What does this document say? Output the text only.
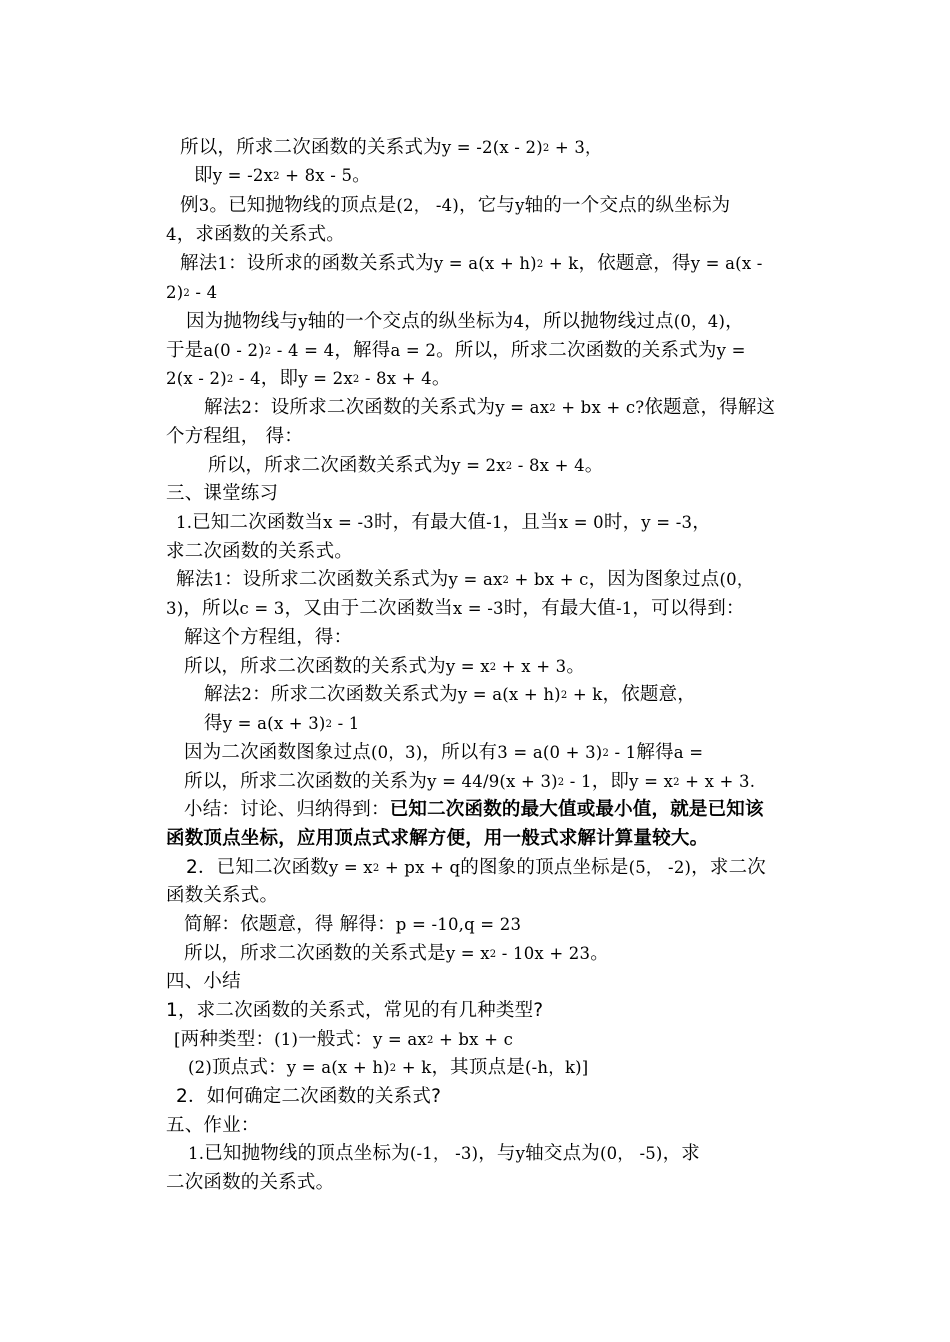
所以，所求二次函数的关系式为y = -2(x - 2)$^2$ + 3，
即$y = -2x^2 + 8x - 5$。
例3。已知抛物线的顶点是(2， -4)，它与y轴的一个交点的纵坐标为
4，求函数的关系式。
解法1：设所求的函数关系式为$y = a(x + h)^2 + k$，依题意，得y = a(x -
2)$^2$ - 4
因为抛物线与y轴的一个交点的纵坐标为4，所以抛物线过点(0，4)，
于是a(0 - 2)$^2$ - 4 = 4，解得a = 2。所以，所求二次函数的关系式为y =
2(x - 2)$^2$ - 4，即$y = 2x^2 - 8x + 4$。
解法2：设所求二次函数的关系式为$y = ax^2$ + bx + c?依题意，得解这
个方程组， 得：
所以，所求二次函数关系式为$y = 2x^2 - 8x + 4$。
三、课堂练习
1.已知二次函数当x = -3时，有最大值-1，且当x = 0时，y = -3，
求二次函数的关系式。
解法1：设所求二次函数关系式为$y = ax^2$ + bx + c，因为图象过点(0，
3)，所以c = 3，又由于二次函数当x = -3时，有最大值-1，可以得到：
解这个方程组，得：
所以，所求二次函数的关系式为$y = x^2 + x + 3$。
解法2：所求二次函数关系式为$y = a(x + h)^2 + k$，依题意，
得$y = a(x + 3)^2 - 1$
因为二次函数图象过点(0，3)，所以有$3 = a(0 + 3)^2 - 1$解得a =
所以，所求二次函数的关系为$y = 44/9(x + 3)^2 - 1$，即$y = x^2 + x + 3$.
小结：讨论、归纳得到：已知二次函数的最大值或最小值，就是已知该
函数顶点坐标，应用顶点式求解方便，用一般式求解计算量较大。
2．已知二次函数$y = x^2$ + px + q的图象的顶点坐标是(5， -2)，求二次
函数关系式。
简解：依题意，得 解得：p = -10,q = 23
所以，所求二次函数的关系式是$y = x^2 - 10x + 23$。
四、小结
1，求二次函数的关系式，常见的有几种类型?
[两种类型：(1)一般式：$y = ax^2$ + bx + c
(2)顶点式：$y = a(x + h)^2 + k$，其顶点是(-h，k)]
2．如何确定二次函数的关系式?
五、作业：
1.已知抛物线的顶点坐标为(-1， -3)，与y轴交点为(0， -5)，求
二次函数的关系式。
